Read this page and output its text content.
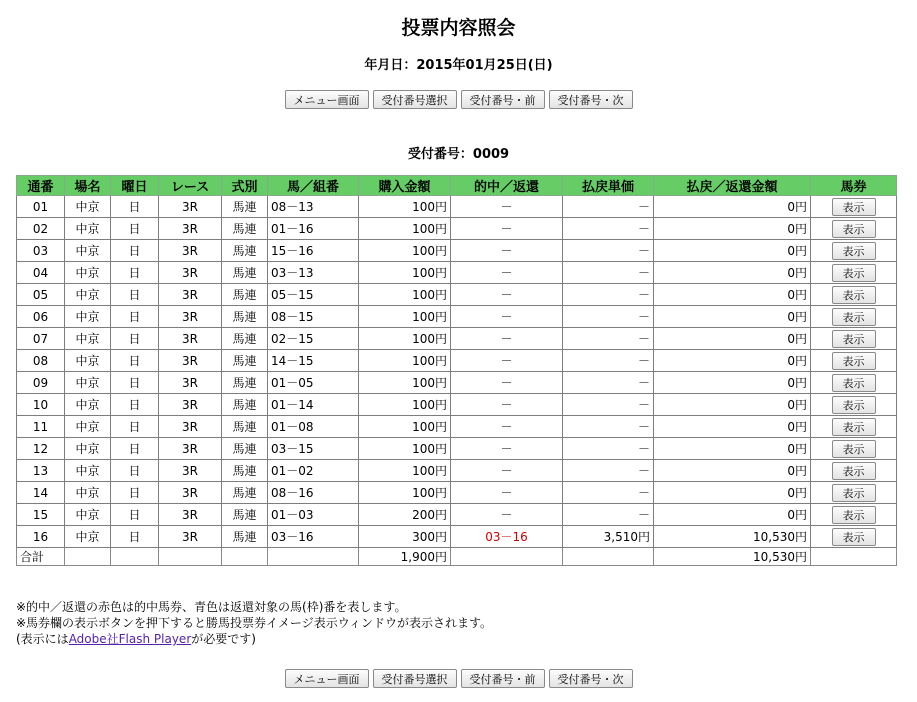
投票内容照会
年月日：2015年01月25日(日)
メニュー画面	受付番号選択	受付番号・前	受付番号・次
受付番号：0009
通番	場名	曜日	レース	式別	馬／組番	購入金額	的中／返還	払戻単価	払戻／返還金額	馬券
01	中京	日	3R	馬連	08－13	100円	－	－	0円	表示
02	中京	日	3R	馬連	01－16	100円	－	－	0円	表示
03	中京	日	3R	馬連	15－16	100円	－	－	0円	表示
04	中京	日	3R	馬連	03－13	100円	－	－	0円	表示
05	中京	日	3R	馬連	05－15	100円	－	－	0円	表示
06	中京	日	3R	馬連	08－15	100円	－	－	0円	表示
07	中京	日	3R	馬連	02－15	100円	－	－	0円	表示
08	中京	日	3R	馬連	14－15	100円	－	－	0円	表示
09	中京	日	3R	馬連	01－05	100円	－	－	0円	表示
10	中京	日	3R	馬連	01－14	100円	－	－	0円	表示
11	中京	日	3R	馬連	01－08	100円	－	－	0円	表示
12	中京	日	3R	馬連	03－15	100円	－	－	0円	表示
13	中京	日	3R	馬連	01－02	100円	－	－	0円	表示
14	中京	日	3R	馬連	08－16	100円	－	－	0円	表示
15	中京	日	3R	馬連	01－03	200円	－	－	0円	表示
16	中京	日	3R	馬連	03－16	300円	03－16	3,510円	10,530円	表示
合計						1,900円			10,530円	
※的中／返還の赤色は的中馬券、青色は返還対象の馬(枠)番を表します。
※馬券欄の表示ボタンを押下すると勝馬投票券イメージ表示ウィンドウが表示されます。
(表示にはAdobe社Flash Playerが必要です)
メニュー画面	受付番号選択	受付番号・前	受付番号・次
